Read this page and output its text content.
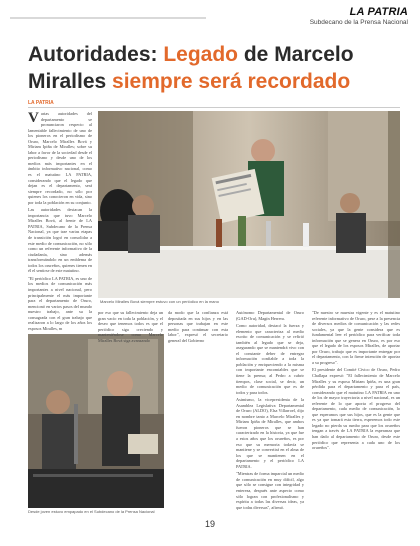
LA PATRIA
Subdecano de la Prensa Nacional
Autoridades: Legado de Marcelo
Miralles siempre será recordado
LA PATRIA

Varias autoridades del departamento se pronunciaron respecto al lamentable fallecimiento de uno de los pioneros en el periodismo de Oruro, Marcelo Miralles Bová y Miriam Ipiña de Miralles; sobre su labor a favor de la sociedad desde el periodismo y desde uno de los medios más importantes en el ámbito informativo nacional, como es el matutino LA PATRIA, considerando que el legado que dejan es el departamento, será siempre recordado, no sólo por quienes los conocieron en vida, sino por toda la población en su conjunto.

Las autoridades destacan la importancia que tuvo Marcelo Miralles Bová, al frente de LA PATRIA, Subdecano de la Prensa Nacional, ya que trae varias etapas de transición logró en consolidar a este medio de comunicación, no sólo como un referente informativo de la ciudadanía, sino además transformándolo en un emblema de todos los orureños, quienes tienen en él el sentirse de este matutino.

"El periódico LA PATRIA, es uno de los medios de comunicación más importantes a nivel nacional, pero principalmente el más importante para el departamento de Oruro, mencionó en varios pasos del mundo nuestro trabajo, ante su la consagrada con el gran trabajo que realizaron a lo largo de los años los esposos Miralles, m

Marcelo Miralles Bová siempre estuvo con un periódico en la mano
Desde joven estuvo empapado en el Subdecano de la Prensa Nacional

por eso que su fallecimiento deja un gran vacío en toda la población, y el deseo que tenemos todos es que el periódico siga creciendo y manteniéndose como Marcelo Miralles Bová siga avanzando

da modo que la confianza está depositada en sus hijos y en las personas que trabajan en este medio para continuar con esta labor", expresó el secretario general del Gobierno

Autónomo Departamental de Oruro (GAD-Oru), Magín Herrera.

Como autoridad, destacó la fuerza y elemento que caracteriza al medio escrito de comunicación y se refirió también al legado que se deja, asegurando que se mantendrá vivo con el constante deber de entregar información confiable a toda la población y enriqueciendo a la misma con importante encomiables que se tiene la prensa; al Pedro a cubrir tiempos, clase social, se decir, un medio de comunicación que es de todos y para todos.

Asimismo, la vicepresidenta de la Asamblea Legislativa Departamental de Oruro (ALDO), Elsa Villarroel, dijo en nombre tanto a Marcelo Miralles y Miriam Ipiña de Miralles, que ambos fueron pioneros que se han caracterizado en la historia, ya que fue a estos años que los orureños, es por eso que su memoria todavía se mantiene y se convertirá en el alma de los que se mantienen en el departamento y el periódico LA PATRIA.

"Mientras de forma imparcial un medio de comunicación en muy difícil, algo que sólo se consigue con integridad y entereza, después ante aspecto como sólo logran con profesionalismo y espíritu a todas las diversas ideas, ya que todas diversas", afirmó.

"De nuestro se muestra vigente y es el matutino referente informativo de Oruro, pese a la presencia de diversos medios de comunicación y las redes sociales, ya que la gente considera que es fundamental leer el periódico para verificar toda información que se genera en Oruro, es por eso que el legado de los esposos Miralles, de aportar por Oruro, trabajo que es importante entregar por el departamento, con la firme intención de aportar a su progreso".

El presidente del Comité Cívico de Oruro, Pedro Challapa expresó: "El fallecimiento de Marcelo Miralles y su esposa Miriam Ipiña, es una gran pérdida para el departamento y para el país, considerando que el matutino LA PATRIA en uno de los de mayor trayectoria a nivel nacional, es un referente de lo que aporta el progreso del departamento, cada medio de comunicación, lo que esperamos que sus hijos, que es la gente que es ya que tomará esta tierra, esperemos todo este legado no pierda su rumbo para que los orureños tengan a través de LA PATRIA la esperanza que han dado al departamento de Oruro, desde este periódico que representa a cada uno de los orureños".

19
